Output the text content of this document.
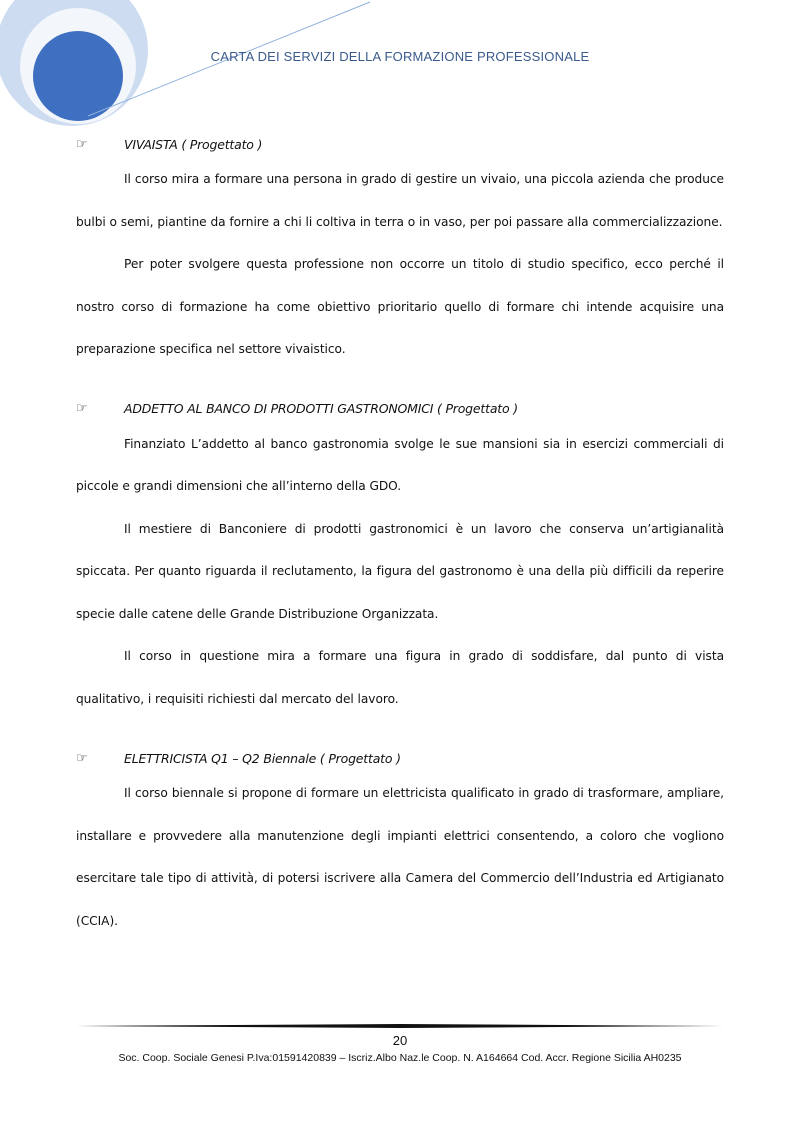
CARTA DEI SERVIZI DELLA FORMAZIONE PROFESSIONALE
☞	VIVAISTA ( Progettato )

Il corso mira a formare una persona in grado di gestire un vivaio, una piccola azienda che produce bulbi o semi, piantine da fornire a chi li coltiva in terra o in vaso, per poi passare alla commercializzazione.

Per poter svolgere questa professione non occorre un titolo di studio specifico, ecco perché il nostro corso di formazione ha come obiettivo prioritario quello di formare chi intende acquisire una preparazione specifica nel settore vivaistico.

☞	ADDETTO AL BANCO DI PRODOTTI GASTRONOMICI ( Progettato )

Finanziato L’addetto al banco gastronomia svolge le sue mansioni sia in esercizi commerciali di piccole e grandi dimensioni che all’interno della GDO.

Il mestiere di Banconiere di prodotti gastronomici è un lavoro che conserva un’artigianalità spiccata. Per quanto riguarda il reclutamento, la figura del gastronomo è una della più difficili da reperire specie dalle catene delle Grande Distribuzione Organizzata.

Il corso in questione mira a formare una figura in grado di soddisfare, dal punto di vista qualitativo, i requisiti richiesti dal mercato del lavoro.

☞	ELETTRICISTA Q1 – Q2 Biennale ( Progettato )

Il corso biennale si propone di formare un elettricista qualificato in grado di trasformare, ampliare, installare e provvedere alla manutenzione degli impianti elettrici consentendo, a coloro che vogliono esercitare tale tipo di attività, di potersi iscrivere alla Camera del Commercio dell’Industria ed Artigianato (CCIA).

20
Soc. Coop. Sociale Genesi P.Iva:01591420839 – Iscriz.Albo Naz.le Coop. N. A164664 Cod. Accr. Regione Sicilia AH0235
